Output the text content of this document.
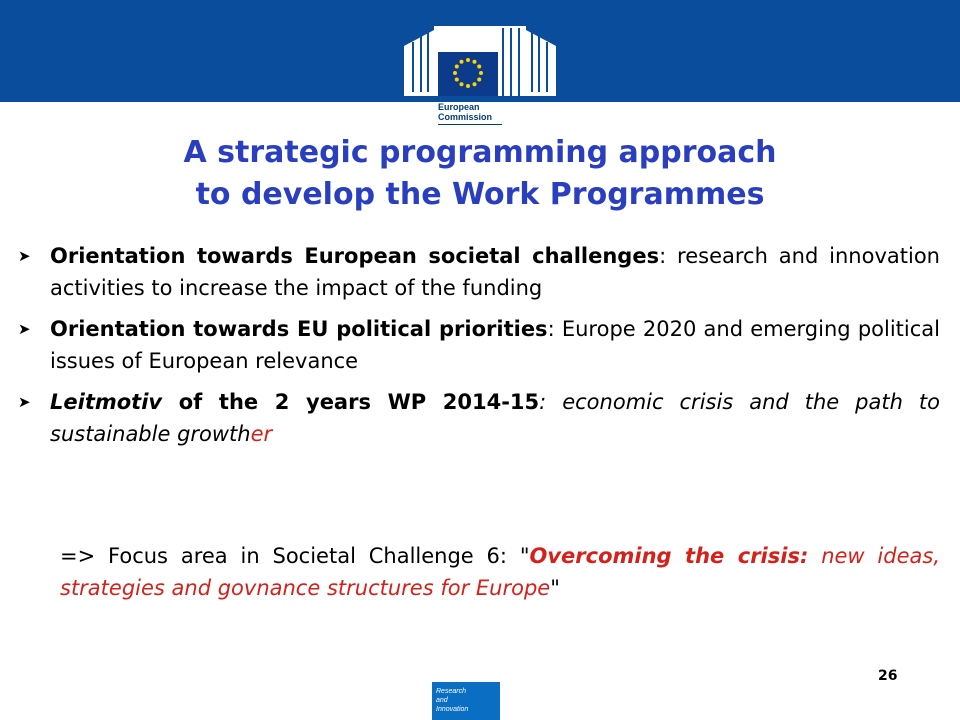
European
Commission
A strategic programming approach
to develop the Work Programmes
➤ Orientation towards European societal challenges: research and innovation activities to increase the impact of the funding
➤ Orientation towards EU political priorities: Europe 2020 and emerging political issues of European relevance
➤ Leitmotiv of the 2 years WP 2014-15: economic crisis and the path to sustainable growther
=> Focus area in Societal Challenge 6: "Overcoming the crisis: new ideas, strategies and govnance structures for Europe"
26
Research
and
Innovation
